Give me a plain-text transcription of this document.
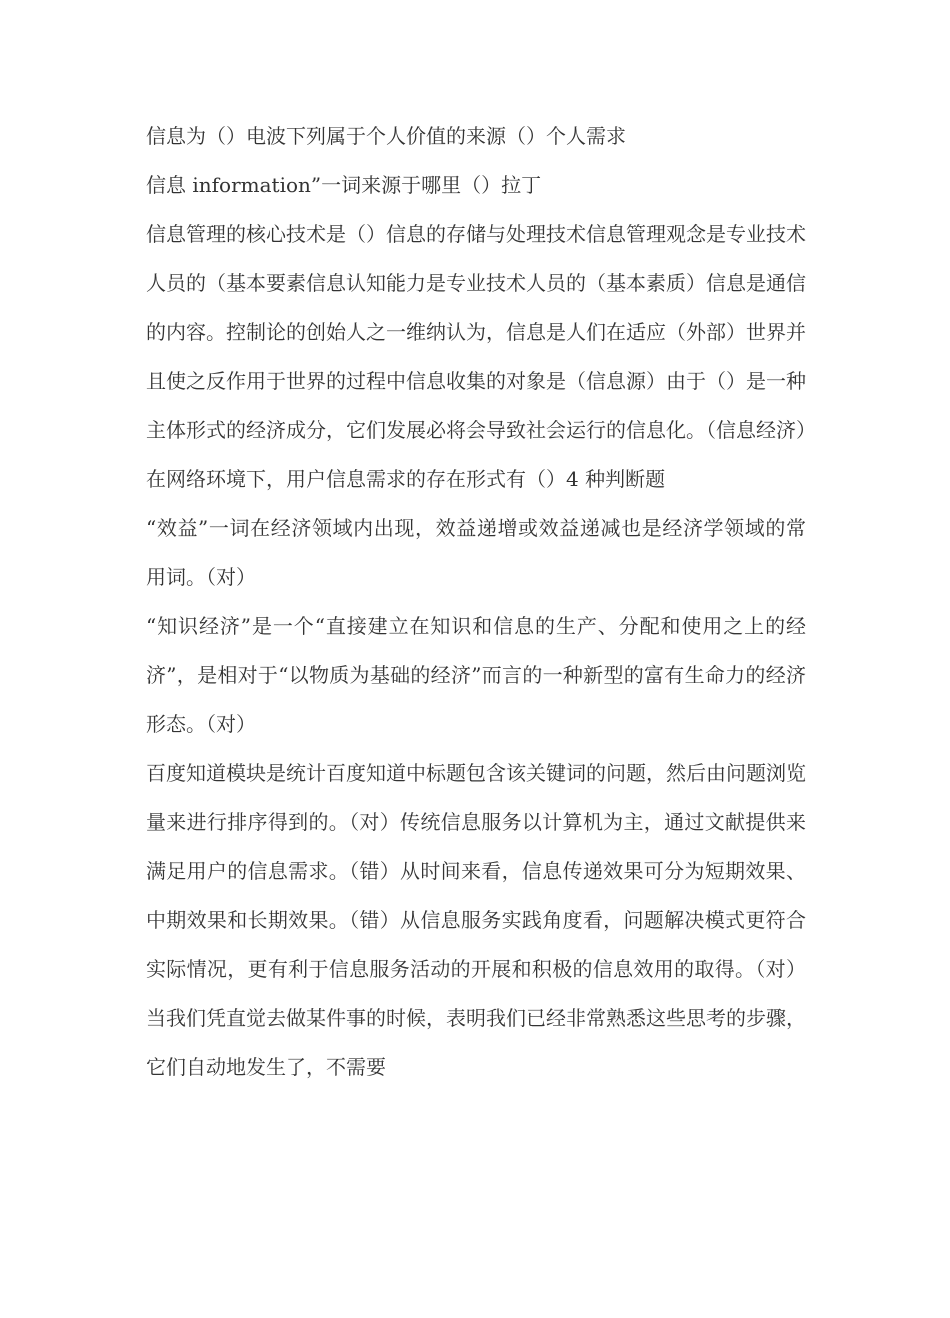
信息为（）电波下列属于个人价值的来源（）个人需求

信息 information”一词来源于哪里（）拉丁

信息管理的核心技术是（）信息的存储与处理技术信息管理观念是专业技术人员的（基本要素信息认知能力是专业技术人员的（基本素质）信息是通信的内容。控制论的创始人之一维纳认为，信息是人们在适应（外部）世界并且使之反作用于世界的过程中信息收集的对象是（信息源）由于（）是一种主体形式的经济成分，它们发展必将会导致社会运行的信息化。（信息经济）

在网络环境下，用户信息需求的存在形式有（）4 种判断题

“效益”一词在经济领域内出现，效益递增或效益递减也是经济学领域的常用词。（对）

“知识经济”是一个“直接建立在知识和信息的生产、分配和使用之上的经济”，是相对于“以物质为基础的经济”而言的一种新型的富有生命力的经济形态。（对）

百度知道模块是统计百度知道中标题包含该关键词的问题，然后由问题浏览量来进行排序得到的。（对）传统信息服务以计算机为主，通过文献提供来满足用户的信息需求。（错）从时间来看，信息传递效果可分为短期效果、中期效果和长期效果。（错）从信息服务实践角度看，问题解决模式更符合实际情况，更有利于信息服务活动的开展和积极的信息效用的取得。（对）当我们凭直觉去做某件事的时候，表明我们已经非常熟悉这些思考的步骤，它们自动地发生了，不需要
